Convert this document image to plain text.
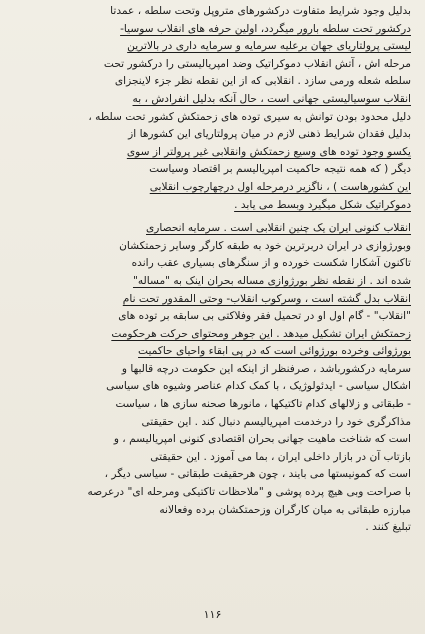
بدلیل وجود شرایط متفاوت درکشورهای متروپل وتحت سلطه ، عمدتا
درکشور تحت سلطه بارور میگردد، اولین حرفه های انقلاب سوسیا-
لیستی پرولتاریای جهان برعلیه سرمایه و سرمایه داری در بالاترین
مرحله اش ، آتش انقلاب دموکراتیک وضد امپریالیستی را درکشور تحت
سلطه شعله ورمی سازد . انقلابی که از این نقطه نظر جزء لاینجزای
انقلاب سوسیالیستی جهانی است ، حال آنکه بدلیل انفرادش ، به
دلیل محدود بودن توانش به سیری توده های زحمتکش کشور تحت سلطه ،
بدلیل فقدان شرایط ذهنی لازم در میان پرولتاریای این کشورها از
یکسو وجود توده های وسیع زحمتکش وانقلابی غیر پرولتر از سوی
دیگر ( که همه نتیجه حاکمیت امپریالیسم بر اقتصاد وسیاست
این کشورهاست ) ، ناگزیر درمرحله اول درچهارچوب انقلابی
دموکراتیک شکل میگیرد وبسط می یابد .
انقلاب کنونی ایران یک چنین انقلابی است . سرمایه انحصاری
وبورژوازی در ایران دربرترین خود به طبقه کارگر وسایر زحمتکشان
تاکنون آشکارا شکست خورده و از سنگرهای بسیاری عقب رانده
شده اند . از نقطه نظر بورژوازی مساله بحران اینک به "مساله"
انقلاب بدل گشته است ، وسرکوب انقلاب- وحتی المقدور تحت نام
"انقلاب" - گام اول او در تحمیل فقر وفلاکتی بی سابقه بر توده های
زحمتکش ایران تشکیل میدهد . این جوهر ومحتوای حرکت هرحکومت
بورژوائی وخرده بورژوائی است که در پی ابقاء واحیای حاکمیت
سرمایه درکشورباشد ، صرفنظر از اینکه این حکومت درچه قالبها و
اشکال سیاسی - ایدئولوژیک ، با کمک کدام عناصر وشیوه های سیاسی
- طبقاتی و زلالهای کدام تاکتیکها ، مانورها صحنه سازی ها ، سیاست
مذاکرگری خود را درخدمت امپریالیسم دنبال کند . این حقیقتی
است که شناخت ماهیت جهانی بحران اقتصادی کنونی امپریالیسم ، و
بازتاب آن در بازار داخلی ایران ، بما می آموزد . این حقیقتی
است که کمونیستها می بایند ، چون هرحقیقت طبقاتی - سیاسی دیگر ،
با صراحت وبی هیچ پرده پوشی و "ملاحظات تاکتیکی ومرحله ای" درعرصه
مبارزه طبقاتی به میان کارگران وزحمتکشان برده وفعالانه
تبلیغ کنند .
۱۱۶
